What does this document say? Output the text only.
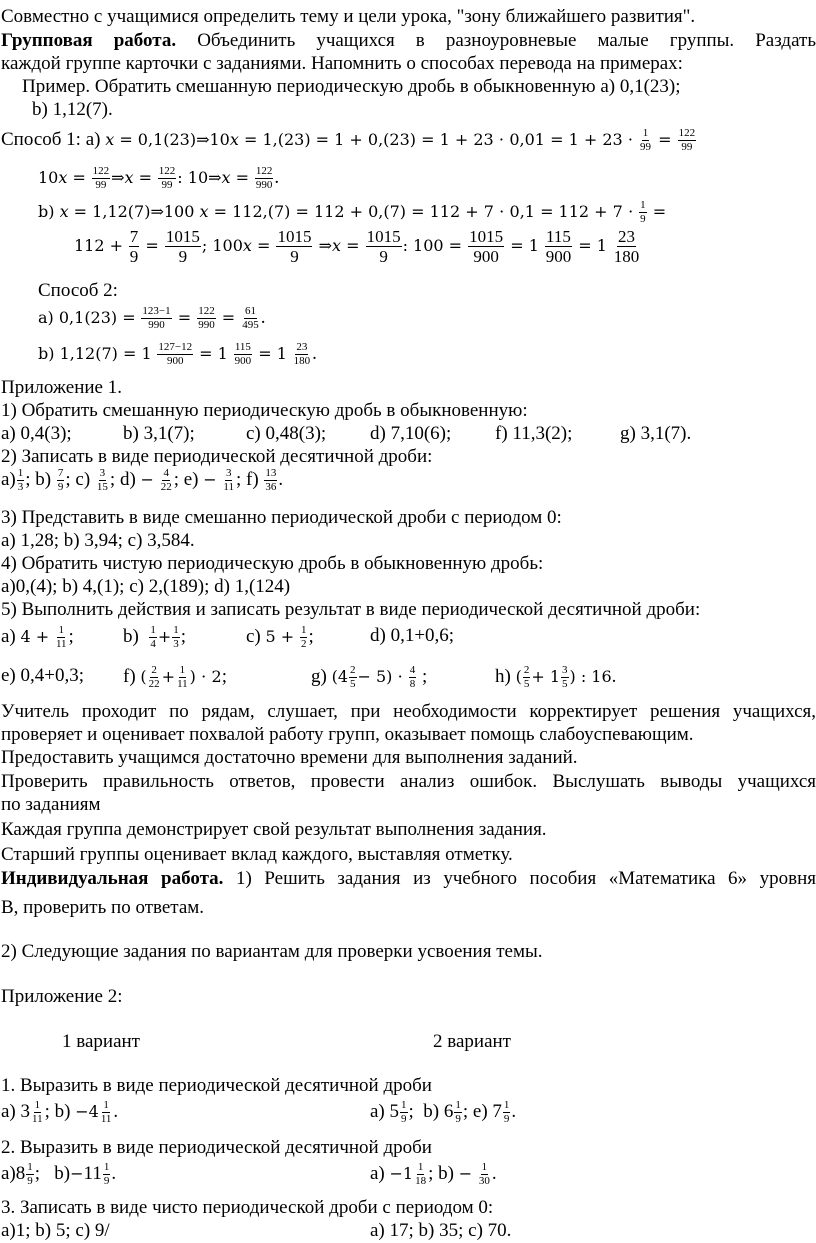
Совместно с учащимися определить тему и цели урока, "зону ближайшего развития".
Групповая работа. Объединить учащихся в разноуровневые малые группы. Раздать
каждой группе карточки с заданиями. Напомнить о способах перевода на примерах:
Пример. Обратить смешанную периодическую дробь в обыкновенную а) 0,1(23);
b) 1,12(7).
Способ 1: а) 𝑥 = 0,1(23)⇒10𝑥 = $1,(23) = 1 + 0,(23) = 1 + 23 \cdot 0,01 = 1 + 23 \cdot \frac{1}{99} = \frac{122}{99}$
10𝑥 = $\frac{122}{99}$ ⇒𝑥 = $\frac{122}{99}$ : 10⇒𝑥 = $\frac{122}{990}$ .
b) 𝑥 = 1,12(7)⇒100 𝑥 = $112,(7) = 112 + 0,(7) = 112 + 7 \cdot 0,1 = 112 + 7 \cdot \frac{1}{9}$ =
$112 + \frac{7}{9} = \frac{1015}{9}$ ; 100𝑥 = $\frac{1015}{9}$ ⇒𝑥 = $\frac{1015}{9}$ : $100 = \frac{1015}{900} = 1 \frac{115}{900} = 1 \frac{23}{180}$
Способ 2:
а) $0,1(23) = \frac{123-1}{990} = \frac{122}{990} = \frac{61}{495}$ .
b) $1,12(7) = 1 \frac{127-12}{900} = 1 \frac{115}{900} = 1 \frac{23}{180}$ .
Приложение 1.
1) Обратить смешанную периодическую дробь в обыкновенную:
а) 0,4(3);	b) 3,1(7);	c) 0,48(3); d) 7,10(6); f) 11,3(2);	g) 3,1(7).
2) Записать в виде периодической десятичной дроби:
$а) \frac{1}{3}$ ; $b) \frac{7}{9}$ ; $c) \frac{3}{15}$ ; $d) - \frac{4}{22}$ ; $e) - \frac{3}{11}$ ; $f) \frac{13}{36}$ .
3) Представить в виде смешанно периодической дроби с периодом 0:
а) 1,28; b) 3,94; c) 3,584.
4) Обратить чистую периодическую дробь в обыкновенную дробь:
а)0,(4); b) 4,(1); c) 2,(189); d) 1,(124)
5) Выполнить действия и записать результат в виде периодической десятичной дроби:
а) $4 + \frac{1}{11}$ ;	$b) \frac{1}{4} + \frac{1}{3}$ ;	c) $5 + \frac{1}{2}$ ;	d) 0,1+0,6;
e) 0,4+0,3; f) ( $\frac{2}{22} + \frac{1}{11}$ ) ⋅ 2;	g) $(4 \frac{2}{5} - 5) \cdot \frac{4}{8}$ ;	h) ( $\frac{2}{5} + 1 \frac{3}{5}$ ) : 16.
Учитель проходит по рядам, слушает, при необходимости корректирует решения учащихся,
проверяет и оценивает похвалой работу групп, оказывает помощь слабоуспевающим.
Предоставить учащимся достаточно времени для выполнения заданий.
Проверить правильность ответов, провести анализ ошибок. Выслушать выводы учащихся
по заданиям
Каждая группа демонстрирует свой результат выполнения задания.
Старший группы оценивает вклад каждого, выставляя отметку.
Индивидуальная работа. 1) Решить задания из учебного пособия «Математика 6» уровня
В, проверить по ответам.
2) Следующие задания по вариантам для проверки усвоения темы.
Приложение 2:
1 вариант	2 вариант
1. Выразить в виде периодической десятичной дроби
а) $3 \frac{1}{11}$ ; $b) -4 \frac{1}{11}$ .	а) $5 \frac{1}{9}$ ;  b) $6 \frac{1}{9}$ ; e) $7 \frac{1}{9}$ .
2. Выразить в виде периодической десятичной дроби
$а)8 \frac{1}{9}$ ;   $b)-11 \frac{1}{9}$ .	$а) -1 \frac{1}{18}$ ; $b) - \frac{1}{30}$ .
3. Записать в виде чисто периодической дроби с периодом 0:
а)1; b) 5; c) 9/	а) 17; b) 35; c) 70.
